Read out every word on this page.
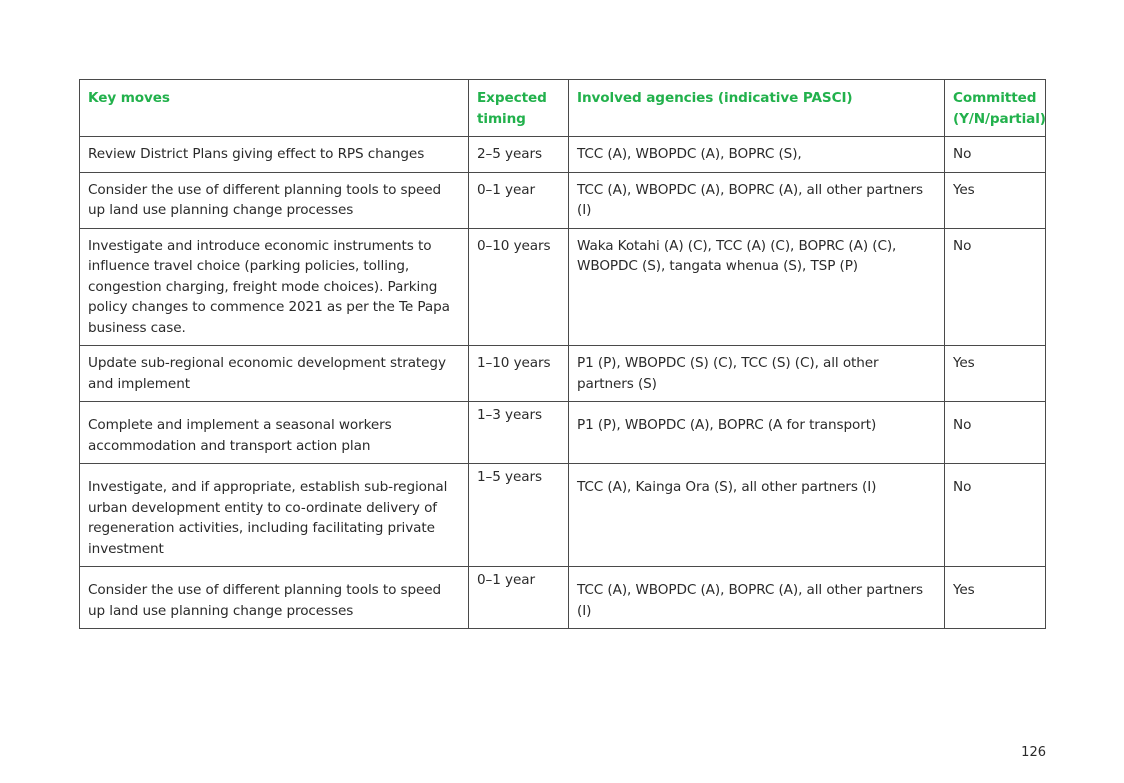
Key moves	Expected timing	Involved agencies (indicative PASCI)	Committed (Y/N/partial)
Review District Plans giving effect to RPS changes	2–5 years	TCC (A), WBOPDC (A), BOPRC (S),	No
Consider the use of different planning tools to speed up land use planning change processes	0–1 year	TCC (A), WBOPDC (A), BOPRC (A), all other partners (I)	Yes
Investigate and introduce economic instruments to influence travel choice (parking policies, tolling, congestion charging, freight mode choices). Parking policy changes to commence 2021 as per the Te Papa business case.	0–10 years	Waka Kotahi (A) (C), TCC (A) (C), BOPRC (A) (C), WBOPDC (S), tangata whenua (S), TSP (P)	No
Update sub-regional economic development strategy and implement	1–10 years	P1 (P), WBOPDC (S) (C), TCC (S) (C), all other partners (S)	Yes
Complete and implement a seasonal workers accommodation and transport action plan	1–3 years	P1 (P), WBOPDC (A), BOPRC (A for transport)	No
Investigate, and if appropriate, establish sub-regional urban development entity to co-ordinate delivery of regeneration activities, including facilitating private investment	1–5 years	TCC (A), Kainga Ora (S), all other partners (I)	No
Consider the use of different planning tools to speed up land use planning change processes	0–1 year	TCC (A), WBOPDC (A), BOPRC (A), all other partners (I)	Yes
126
